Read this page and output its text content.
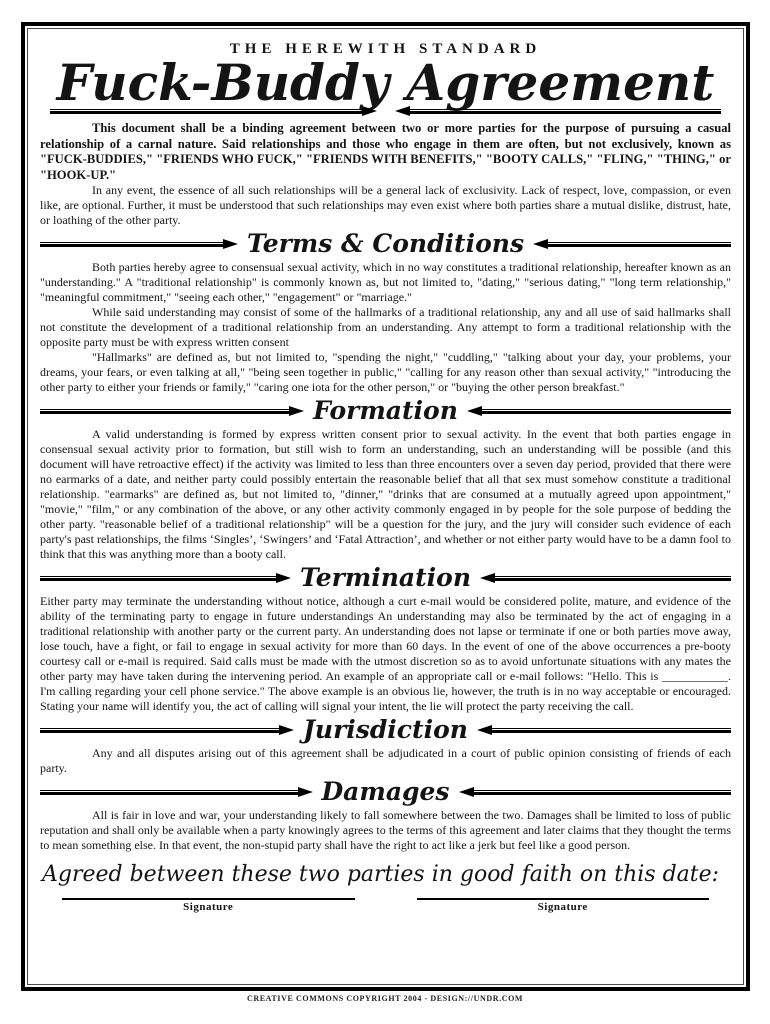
THE HEREWITH STANDARD
Fuck-Buddy Agreement

This document shall be a binding agreement between two or more parties for the purpose of pursuing a casual relationship of a carnal nature. Said relationships and those who engage in them are often, but not exclusively, known as "FUCK-BUDDIES," "FRIENDS WHO FUCK," "FRIENDS WITH BENEFITS," "BOOTY CALLS," "FLING," "THING," or "HOOK-UP."

In any event, the essence of all such relationships will be a general lack of exclusivity. Lack of respect, love, compassion, or even like, are optional. Further, it must be understood that such relationships may even exist where both parties share a mutual dislike, distrust, hate, or loathing of the other party.

Terms & Conditions

Both parties hereby agree to consensual sexual activity, which in no way constitutes a traditional relationship, hereafter known as an "understanding." A "traditional relationship" is commonly known as, but not limited to, "dating," "serious dating," "long term relationship," "meaningful commitment," "seeing each other," "engagement" or "marriage."

While said understanding may consist of some of the hallmarks of a traditional relationship, any and all use of said hallmarks shall not constitute the development of a traditional relationship from an understanding. Any attempt to form a traditional relationship with the opposite party must be with express written consent

"Hallmarks" are defined as, but not limited to, "spending the night," "cuddling," "talking about your day, your problems, your dreams, your fears, or even talking at all," "being seen together in public," "calling for any reason other than sexual activity," "introducing the other party to either your friends or family," "caring one iota for the other person," or "buying the other person breakfast."

Formation

A valid understanding is formed by express written consent prior to sexual activity. In the event that both parties engage in consensual sexual activity prior to formation, but still wish to form an understanding, such an understanding will be possible (and this document will have retroactive effect) if the activity was limited to less than three encounters over a seven day period, provided that there were no earmarks of a date, and neither party could possibly entertain the reasonable belief that all that sex must somehow constitute a traditional relationship. "earmarks" are defined as, but not limited to, "dinner," "drinks that are consumed at a mutually agreed upon appointment," "movie," "film," or any combination of the above, or any other activity commonly engaged in by people for the sole purpose of bedding the other party. "reasonable belief of a traditional relationship" will be a question for the jury, and the jury will consider such evidence of each party's past relationships, the films ‘Singles’, ‘Swingers’ and ‘Fatal Attraction’, and whether or not either party would have to be a damn fool to think that this was anything more than a booty call.

Termination

Either party may terminate the understanding without notice, although a curt e-mail would be considered polite, mature, and evidence of the ability of the terminating party to engage in future understandings An understanding may also be terminated by the act of engaging in a traditional relationship with another party or the current party. An understanding does not lapse or terminate if one or both parties move away, lose touch, have a fight, or fail to engage in sexual activity for more than 60 days. In the event of one of the above occurrences a pre-booty courtesy call or e-mail is required. Said calls must be made with the utmost discretion so as to avoid unfortunate situations with any mates the other party may have taken during the intervening period. An example of an appropriate call or e-mail follows: "Hello. This is ___________. I'm calling regarding your cell phone service." The above example is an obvious lie, however, the truth is in no way acceptable or encouraged. Stating your name will identify you, the act of calling will signal your intent, the lie will protect the party receiving the call.

Jurisdiction

Any and all disputes arising out of this agreement shall be adjudicated in a court of public opinion consisting of friends of each party.

Damages

All is fair in love and war, your understanding likely to fall somewhere between the two. Damages shall be limited to loss of public reputation and shall only be available when a party knowingly agrees to the terms of this agreement and later claims that they thought the terms to mean something else. In that event, the non-stupid party shall have the right to act like a jerk but feel like a good person.

Agreed between these two parties in good faith on this date:
Signature	Signature
CREATIVE COMMONS COPYRIGHT 2004 - DESIGN://UNDR.COM
